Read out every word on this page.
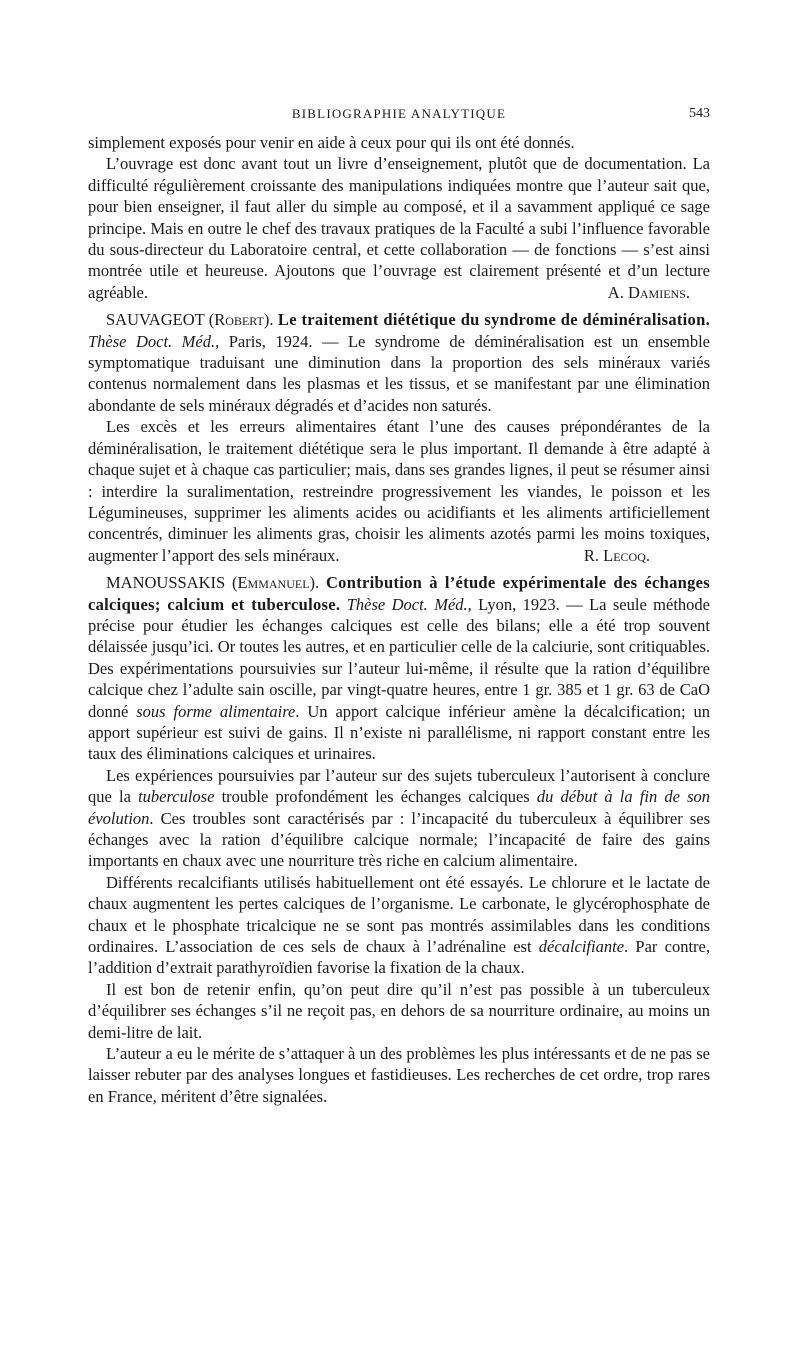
BIBLIOGRAPHIE ANALYTIQUE	543

simplement exposés pour venir en aide à ceux pour qui ils ont été donnés.

L’ouvrage est donc avant tout un livre d’enseignement, plutôt que de documentation. La difficulté régulièrement croissante des manipulations indiquées montre que l’auteur sait que, pour bien enseigner, il faut aller du simple au composé, et il a savamment appliqué ce sage principe. Mais en outre le chef des travaux pratiques de la Faculté a subi l’influence favorable du sous-directeur du Laboratoire central, et cette collaboration — de fonctions — s’est ainsi montrée utile et heureuse. Ajoutons que l’ouvrage est clairement présenté et d’un lecture agréable.	A. Damiens.

SAUVAGEOT (Robert). Le traitement diététique du syndrome de déminéralisation. Thèse Doct. Méd., Paris, 1924. — Le syndrome de déminéralisation est un ensemble symptomatique traduisant une diminution dans la proportion des sels minéraux variés contenus normalement dans les plasmas et les tissus, et se manifestant par une élimination abondante de sels minéraux dégradés et d’acides non saturés.

Les excès et les erreurs alimentaires étant l’une des causes prépondérantes de la déminéralisation, le traitement diététique sera le plus important. Il demande à être adapté à chaque sujet et à chaque cas particulier; mais, dans ses grandes lignes, il peut se résumer ainsi : interdire la suralimentation, restreindre progressivement les viandes, le poisson et les Légumineuses, supprimer les aliments acides ou acidifiants et les aliments artificiellement concentrés, diminuer les aliments gras, choisir les aliments azotés parmi les moins toxiques, augmenter l’apport des sels minéraux.	R. Lecoq.

MANOUSSAKIS (Emmanuel). Contribution à l’étude expérimentale des échanges calciques; calcium et tuberculose. Thèse Doct. Méd., Lyon, 1923. — La seule méthode précise pour étudier les échanges calciques est celle des bilans; elle a été trop souvent délaissée jusqu’ici. Or toutes les autres, et en particulier celle de la calciurie, sont critiquables. Des expérimentations poursuivies sur l’auteur lui-même, il résulte que la ration d’équilibre calcique chez l’adulte sain oscille, par vingt-quatre heures, entre 1 gr. 385 et 1 gr. 63 de CaO donné sous forme alimentaire. Un apport calcique inférieur amène la décalcification; un apport supérieur est suivi de gains. Il n’existe ni parallélisme, ni rapport constant entre les taux des éliminations calciques et urinaires.

Les expériences poursuivies par l’auteur sur des sujets tuberculeux l’autorisent à conclure que la tuberculose trouble profondément les échanges calciques du début à la fin de son évolution. Ces troubles sont caractérisés par : l’incapacité du tuberculeux à équilibrer ses échanges avec la ration d’équilibre calcique normale; l’incapacité de faire des gains importants en chaux avec une nourriture très riche en calcium alimentaire.

Différents recalcifiants utilisés habituellement ont été essayés. Le chlorure et le lactate de chaux augmentent les pertes calciques de l’organisme. Le carbonate, le glycérophosphate de chaux et le phosphate tricalcique ne se sont pas montrés assimilables dans les conditions ordinaires. L’association de ces sels de chaux à l’adrénaline est décalcifiante. Par contre, l’addition d’extrait parathyroïdien favorise la fixation de la chaux.

Il est bon de retenir enfin, qu’on peut dire qu’il n’est pas possible à un tuberculeux d’équilibrer ses échanges s’il ne reçoit pas, en dehors de sa nourriture ordinaire, au moins un demi-litre de lait.

L’auteur a eu le mérite de s’attaquer à un des problèmes les plus intéressants et de ne pas se laisser rebuter par des analyses longues et fastidieuses. Les recherches de cet ordre, trop rares en France, méritent d’être signalées.
